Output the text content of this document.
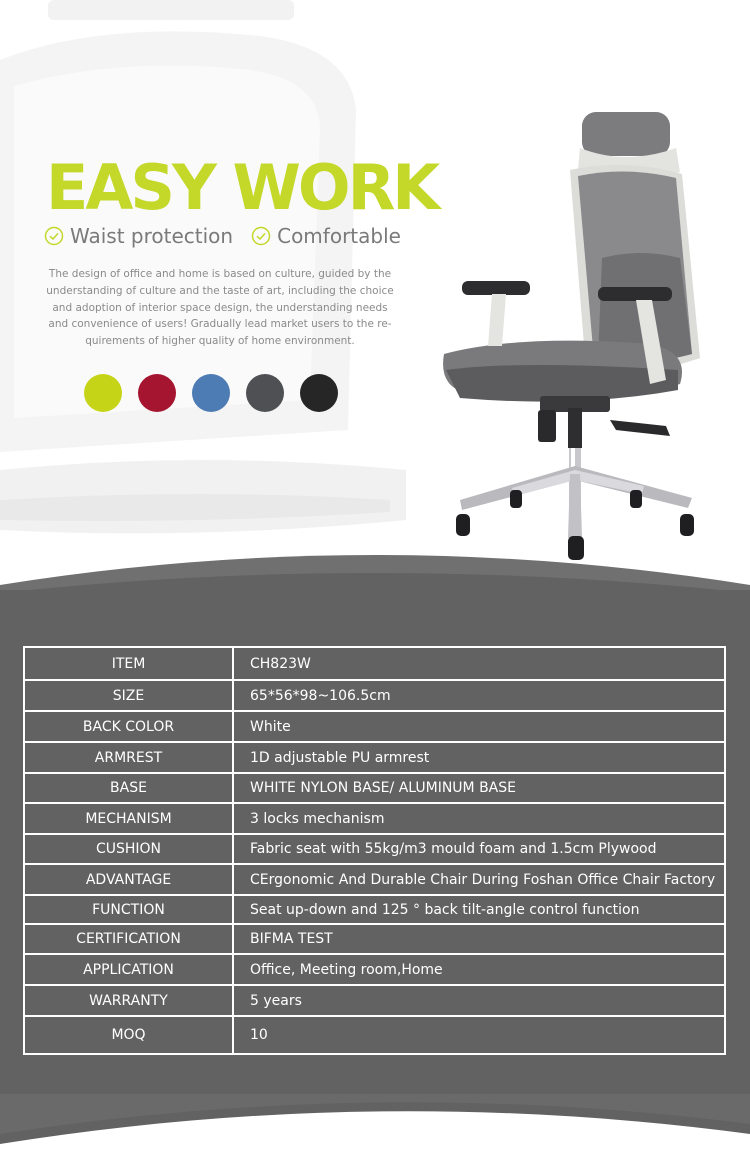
EASY WORK
Waist protection Comfortable

The design of office and home is based on culture, guided by the understanding of culture and the taste of art, including the choice and adoption of interior space design, the understanding needs and convenience of users! Gradually lead market users to the re- quirements of higher quality of home environment.

ITEM	CH823W
SIZE	65*56*98~106.5cm
BACK COLOR	White
ARMREST	1D adjustable PU armrest
BASE	WHITE NYLON BASE/ ALUMINUM BASE
MECHANISM	3 locks mechanism
CUSHION	Fabric seat with 55kg/m3 mould foam and 1.5cm Plywood
ADVANTAGE	CErgonomic And Durable Chair During Foshan Office Chair Factory
FUNCTION	Seat up-down and 125 ° back tilt-angle control function
CERTIFICATION	BIFMA TEST
APPLICATION	Office, Meeting room,Home
WARRANTY	5 years
MOQ	10
